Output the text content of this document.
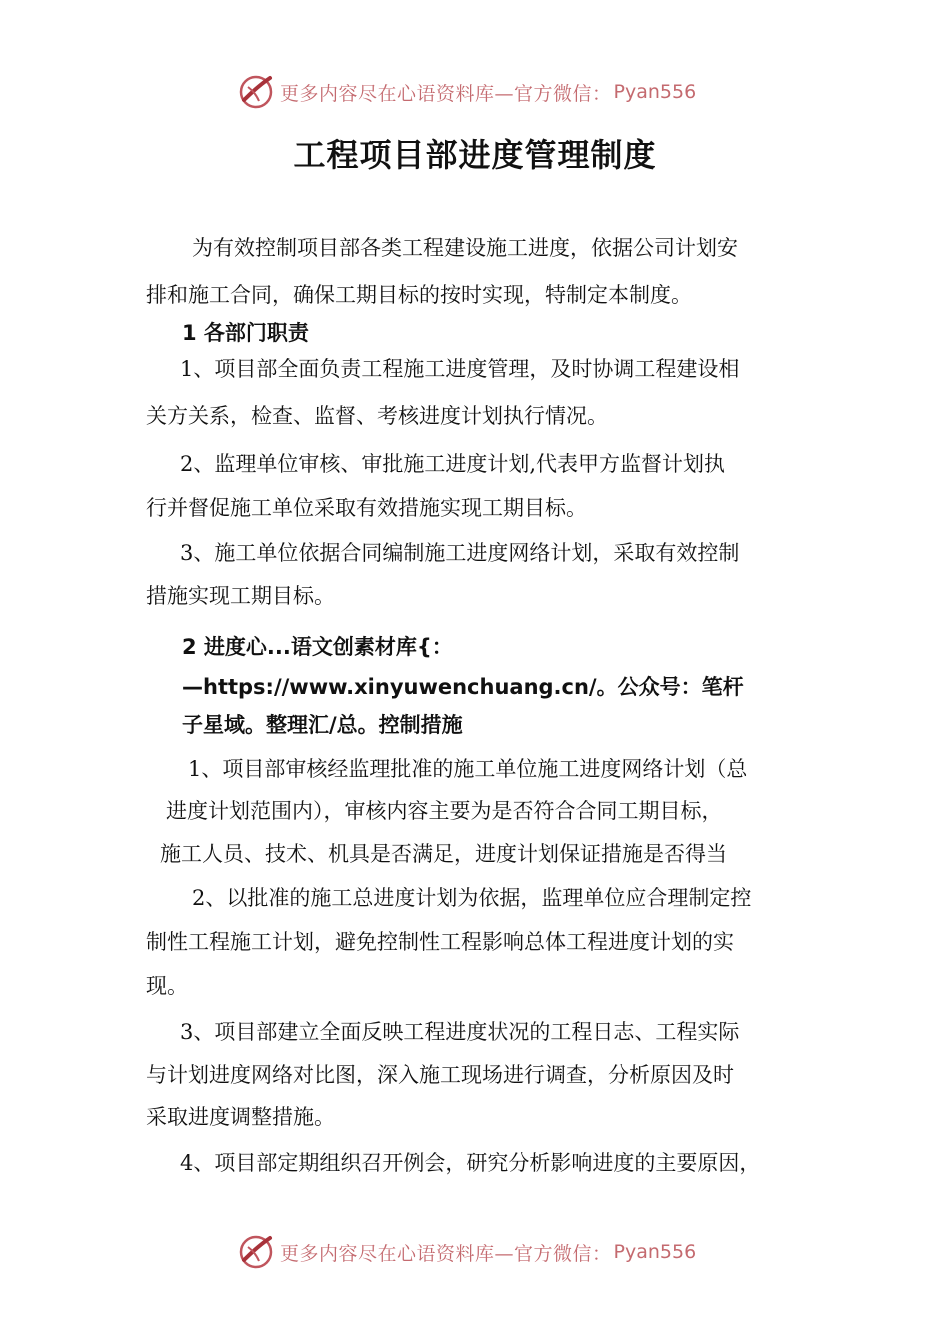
更多内容尽在心语资料库—官方微信： Pyan556
工程项目部进度管理制度

为有效控制项目部各类工程建设施工进度，依据公司计划安

排和施工合同，确保工期目标的按时实现，特制定本制度。

1 各部门职责

1、项目部全面负责工程施工进度管理，及时协调工程建设相

关方关系，检查、监督、考核进度计划执行情况。

2、监理单位审核、审批施工进度计划,代表甲方监督计划执

行并督促施工单位采取有效措施实现工期目标。

3、施工单位依据合同编制施工进度网络计划，采取有效控制

措施实现工期目标。

2 进度心...语文创素材库{：

—https://www.xinyuwenchuang.cn/。公众号：笔杆

子星域。整理汇/总。控制措施

1、项目部审核经监理批准的施工单位施工进度网络计划（总

进度计划范围内），审核内容主要为是否符合合同工期目标，

施工人员、技术、机具是否满足，进度计划保证措施是否得当

2、以批准的施工总进度计划为依据，监理单位应合理制定控

制性工程施工计划，避免控制性工程影响总体工程进度计划的实

现。

3、项目部建立全面反映工程进度状况的工程日志、工程实际

与计划进度网络对比图，深入施工现场进行调查，分析原因及时

采取进度调整措施。

4、项目部定期组织召开例会，研究分析影响进度的主要原因，

更多内容尽在心语资料库—官方微信： Pyan556
